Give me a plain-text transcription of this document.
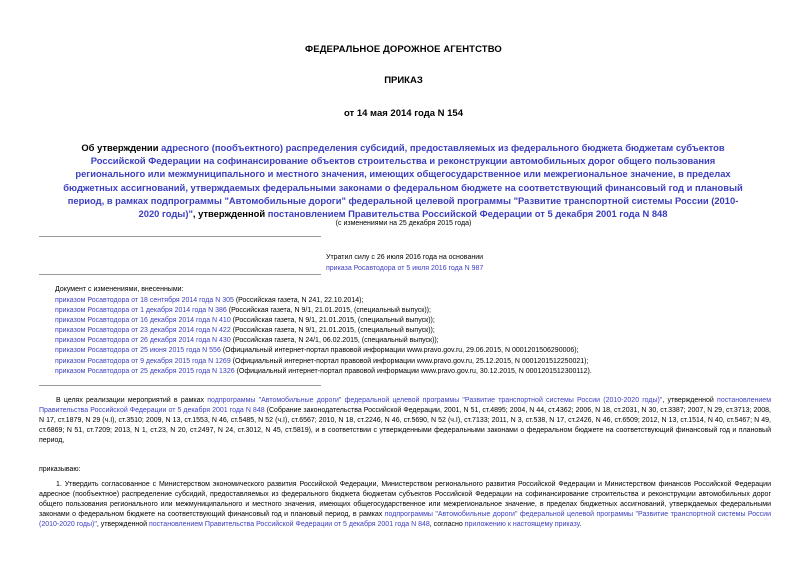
ФЕДЕРАЛЬНОЕ ДОРОЖНОЕ АГЕНТСТВО
ПРИКАЗ
от 14 мая 2014 года N 154
Об утверждении адресного (пообъектного) распределения субсидий, предоставляемых из федерального бюджета бюджетам субъектов Российской Федерации на софинансирование объектов строительства и реконструкции автомобильных дорог общего пользования регионального или межмуниципального и местного значения, имеющих общегосударственное или межрегиональное значение, в пределах бюджетных ассигнований, утверждаемых федеральными законами о федеральном бюджете на соответствующий финансовый год и плановый период, в рамках подпрограммы "Автомобильные дороги" федеральной целевой программы "Развитие транспортной системы России (2010-2020 годы)", утвержденной постановлением Правительства Российской Федерации от 5 декабря 2001 года N 848
(с изменениями на 25 декабря 2015 года)
Утратил силу с 26 июля 2016 года на основании
приказа Росавтодора от 5 июля 2016 года N 987
Документ с изменениями, внесенными:
приказом Росавтодора от 18 сентября 2014 года N 305 (Российская газета, N 241, 22.10.2014);
приказом Росавтодора от 1 декабря 2014 года N 386 (Российская газета, N 9/1, 21.01.2015, (специальный выпуск));
приказом Росавтодора от 16 декабря 2014 года N 410 (Российская газета, N 9/1, 21.01.2015, (специальный выпуск));
приказом Росавтодора от 23 декабря 2014 года N 422 (Российская газета, N 9/1, 21.01.2015, (специальный выпуск));
приказом Росавтодора от 26 декабря 2014 года N 430 (Российская газета, N 24/1, 06.02.2015, (специальный выпуск));
приказом Росавтодора от 25 июня 2015 года N 556 (Официальный интернет-портал правовой информации www.pravo.gov.ru, 29.06.2015, N 0001201506290006);
приказом Росавтодора от 9 декабря 2015 года N 1269 (Официальный интернет-портал правовой информации www.pravo.gov.ru, 25.12.2015, N 0001201512250021);
приказом Росавтодора от 25 декабря 2015 года N 1326 (Официальный интернет-портал правовой информации www.pravo.gov.ru, 30.12.2015, N 0001201512300112).
В целях реализации мероприятий в рамках подпрограммы "Автомобильные дороги" федеральной целевой программы "Развитие транспортной системы России (2010-2020 годы)", утвержденной постановлением Правительства Российской Федерации от 5 декабря 2001 года N 848 (Собрание законодательства Российской Федерации, 2001, N 51, ст.4895; 2004, N 44, ст.4362; 2006, N 18, ст.2031, N 30, ст.3387; 2007, N 29, ст.3713; 2008, N 17, ст.1879, N 29 (ч.I), ст.3510; 2009, N 13, ст.1553, N 46, ст.5485, N 52 (ч.I), ст.6567; 2010, N 18, ст.2246, N 46, ст.5690, N 52 (ч.I), ст.7133; 2011, N 3, ст.538, N 17, ст.2426, N 46, ст.6509; 2012, N 13, ст.1514, N 40, ст.5467; N 49, ст.6869; N 51, ст.7209; 2013, N 1, ст.23, N 20, ст.2497, N 24, ст.3012, N 45, ст.5819), и в соответствии с утвержденными федеральными законами о федеральном бюджете на соответствующий финансовый год и плановый период,
приказываю:
1. Утвердить согласованное с Министерством экономического развития Российской Федерации, Министерством регионального развития Российской Федерации и Министерством финансов Российской Федерации адресное (пообъектное) распределение субсидий, предоставляемых из федерального бюджета бюджетам субъектов Российской Федерации на софинансирование строительства и реконструкции автомобильных дорог общего пользования регионального или межмуниципального и местного значения, имеющих общегосударственное или межрегиональное значение, в пределах бюджетных ассигнований, утверждаемых федеральными законами о федеральном бюджете на соответствующий финансовый год и плановый период, в рамках подпрограммы "Автомобильные дороги" федеральной целевой программы "Развитие транспортной системы России (2010-2020 годы)", утвержденной постановлением Правительства Российской Федерации от 5 декабря 2001 года N 848, согласно приложению к настоящему приказу.
